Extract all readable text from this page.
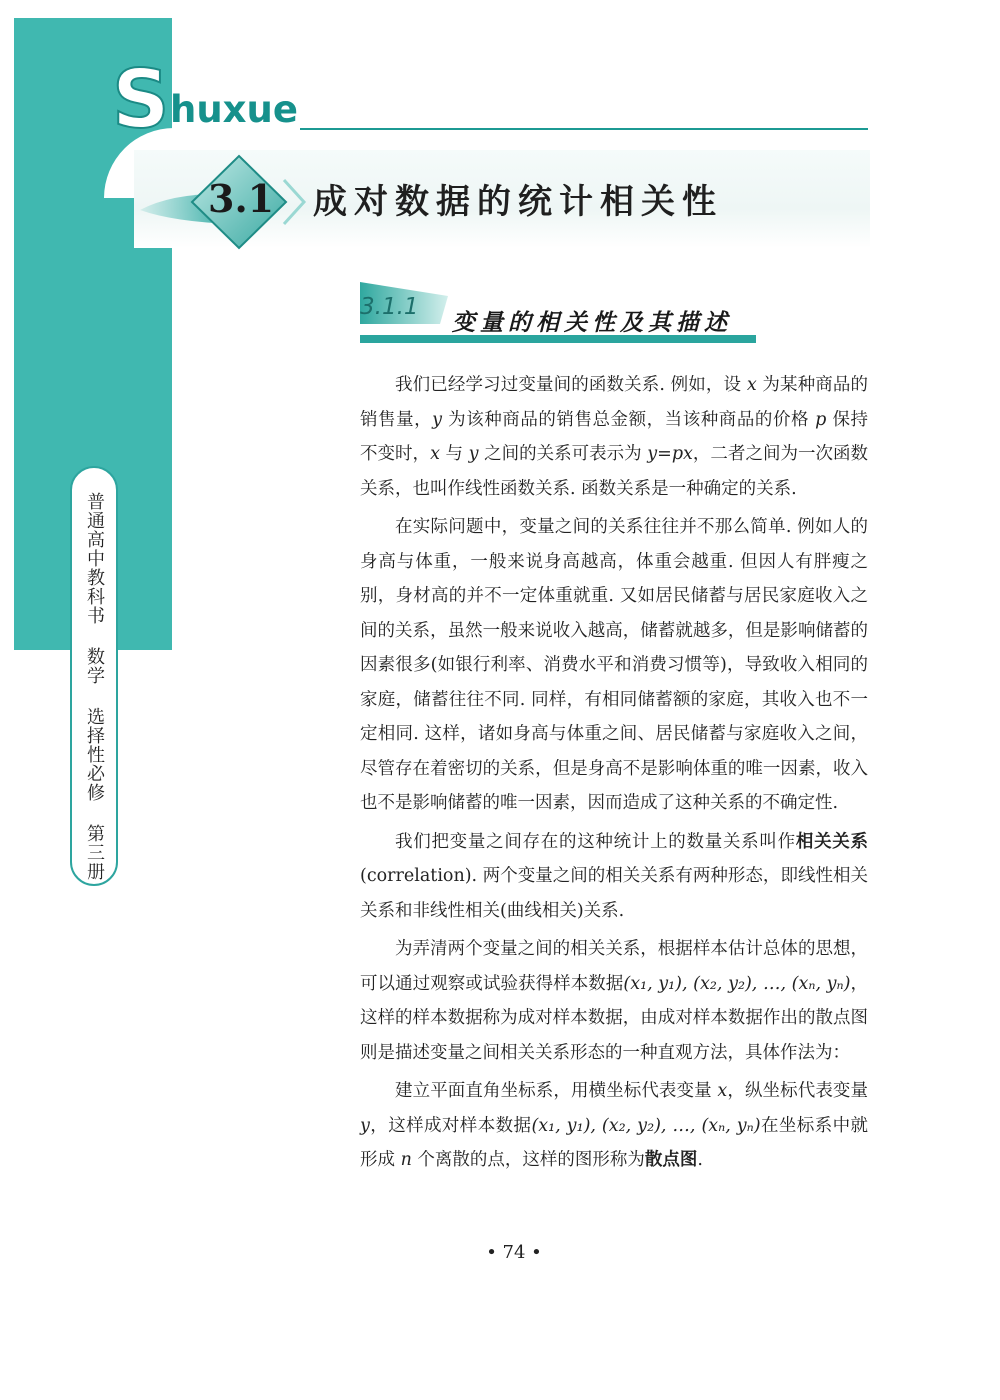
S huxue
3.1 成对数据的统计相关性
3.1.1
变量的相关性及其描述
普通高中教科书 数学 选择性必修 第三册

我们已经学习过变量间的函数关系. 例如，设 x 为某种商品的销售量，y 为该种商品的销售总金额，当该种商品的价格 p 保持不变时，x 与 y 之间的关系可表示为 y=px，二者之间为一次函数关系，也叫作线性函数关系. 函数关系是一种确定的关系.

在实际问题中，变量之间的关系往往并不那么简单. 例如人的身高与体重，一般来说身高越高，体重会越重. 但因人有胖瘦之别，身材高的并不一定体重就重. 又如居民储蓄与居民家庭收入之间的关系，虽然一般来说收入越高，储蓄就越多，但是影响储蓄的因素很多(如银行利率、消费水平和消费习惯等)，导致收入相同的家庭，储蓄往往不同. 同样，有相同储蓄额的家庭，其收入也不一定相同. 这样，诸如身高与体重之间、居民储蓄与家庭收入之间，尽管存在着密切的关系，但是身高不是影响体重的唯一因素，收入也不是影响储蓄的唯一因素，因而造成了这种关系的不确定性.

我们把变量之间存在的这种统计上的数量关系叫作相关关系(correlation). 两个变量之间的相关关系有两种形态，即线性相关关系和非线性相关(曲线相关)关系.

为弄清两个变量之间的相关关系，根据样本估计总体的思想，可以通过观察或试验获得样本数据(x₁, y₁), (x₂, y₂), …, (xₙ, yₙ)，这样的样本数据称为成对样本数据，由成对样本数据作出的散点图则是描述变量之间相关关系形态的一种直观方法，具体作法为：

建立平面直角坐标系，用横坐标代表变量 x，纵坐标代表变量 y，这样成对样本数据(x₁, y₁), (x₂, y₂), …, (xₙ, yₙ)在坐标系中就形成 n 个离散的点，这样的图形称为散点图.

• 74 •
